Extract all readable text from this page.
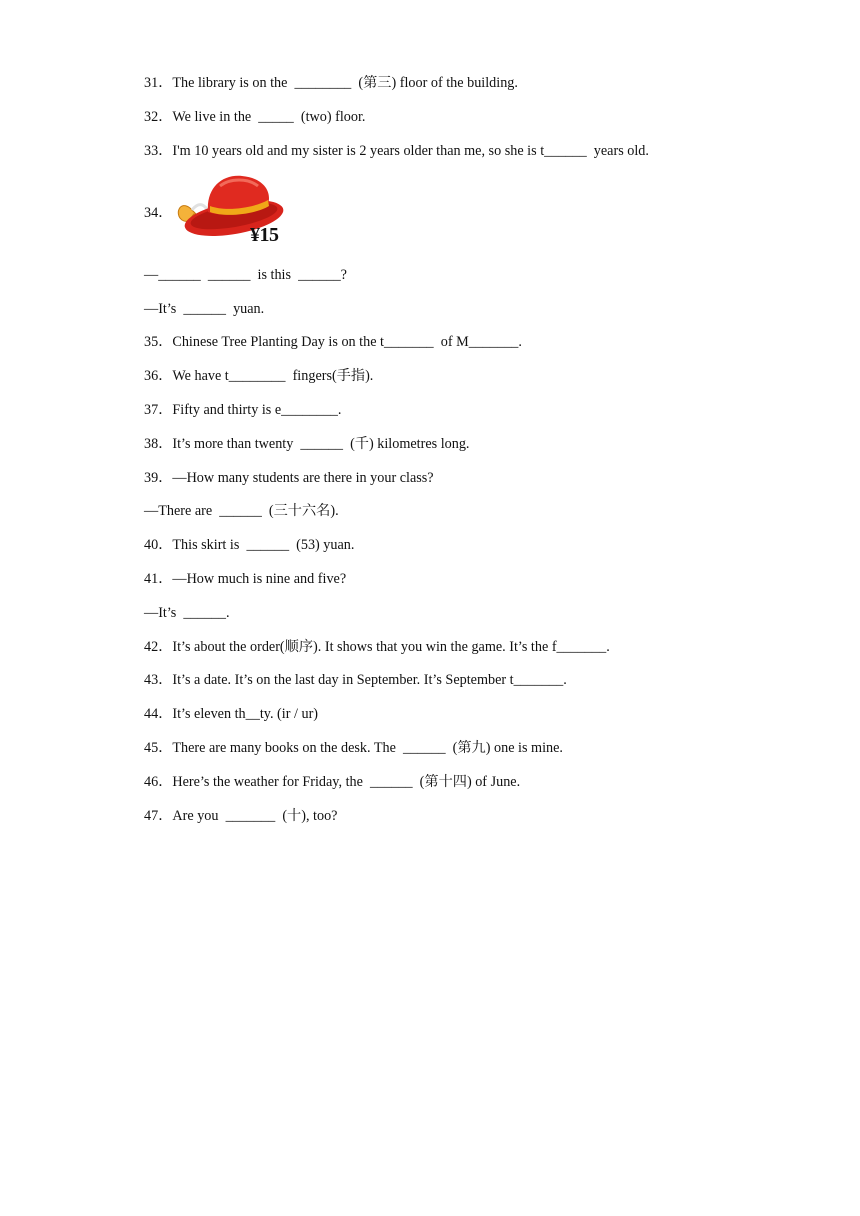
31．The library is on the  ________  (第三) floor of the building.
32．We live in the  _____  (two) floor.
33．I'm 10 years old and my sister is 2 years older than me, so she is t______  years old.
34．
¥15
—______  ______  is this  ______?
—It’s  ______  yuan.
35．Chinese Tree Planting Day is on the t_______  of M_______.
36．We have t________  fingers(手指).
37．Fifty and thirty is e________.
38．It’s more than twenty  ______  (千) kilometres long.
39．—How many students are there in your class?
—There are  ______  (三十六名).
40．This skirt is  ______  (53) yuan.
41．—How much is nine and five?
—It’s  ______.
42．It’s about the order(顺序). It shows that you win the game. It’s the f_______.
43．It’s a date. It’s on the last day in September. It’s September t_______.
44．It’s eleven th__ty. (ir / ur)
45．There are many books on the desk. The  ______  (第九) one is mine.
46．Here’s the weather for Friday, the  ______  (第十四) of June.
47．Are you  _______  (十), too?
